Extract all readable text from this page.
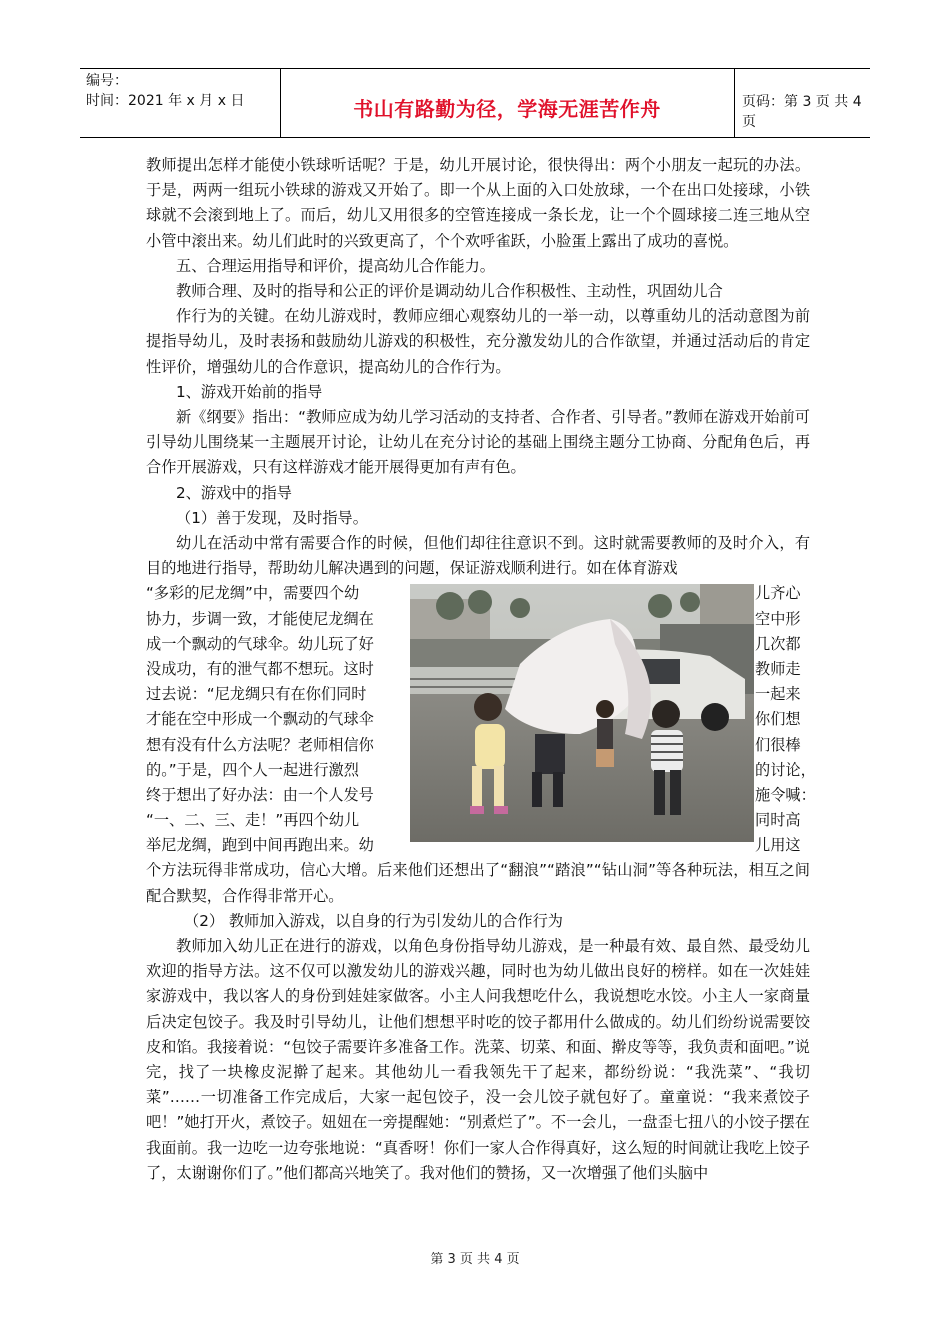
编号：
时间：2021 年 x 月 x 日	书山有路勤为径，学海无涯苦作舟	页码：第 3 页 共 4 页

教师提出怎样才能使小铁球听话呢？于是，幼儿开展讨论，很快得出：两个小朋友一起玩的办法。于是，两两一组玩小铁球的游戏又开始了。即一个从上面的入口处放球，一个在出口处接球，小铁球就不会滚到地上了。而后，幼儿又用很多的空管连接成一条长龙，让一个个圆球接二连三地从空小管中滚出来。幼儿们此时的兴致更高了，个个欢呼雀跃，小脸蛋上露出了成功的喜悦。

五、合理运用指导和评价，提高幼儿合作能力。

教师合理、及时的指导和公正的评价是调动幼儿合作积极性、主动性，巩固幼儿合

作行为的关键。在幼儿游戏时，教师应细心观察幼儿的一举一动，以尊重幼儿的活动意图为前提指导幼儿，及时表扬和鼓励幼儿游戏的积极性，充分激发幼儿的合作欲望，并通过活动后的肯定性评价，增强幼儿的合作意识，提高幼儿的合作行为。

1、游戏开始前的指导

新《纲要》指出：“教师应成为幼儿学习活动的支持者、合作者、引导者。”教师在游戏开始前可引导幼儿围绕某一主题展开讨论，让幼儿在充分讨论的基础上围绕主题分工协商、分配角色后，再合作开展游戏，只有这样游戏才能开展得更加有声有色。

2、游戏中的指导

（1）善于发现，及时指导。

幼儿在活动中常有需要合作的时候，但他们却往往意识不到。这时就需要教师的及时介入，有目的地进行指导，帮助幼儿解决遇到的问题，保证游戏顺利进行。如在体育游戏

“多彩的尼龙绸”中，需要四个幼
协力，步调一致，才能使尼龙绸在
成一个飘动的气球伞。幼儿玩了好
没成功，有的泄气都不想玩。这时
过去说：“尼龙绸只有在你们同时
才能在空中形成一个飘动的气球伞
想有没有什么方法呢？老师相信你
的。”于是，四个人一起进行激烈
终于想出了好办法：由一个人发号
“一、二、三、走！”再四个幼儿
举尼龙绸，跑到中间再跑出来。幼
儿齐心
空中形
几次都
教师走
一起来
你们想
们很棒
的讨论，
施令喊：
同时高
儿用这

个方法玩得非常成功，信心大增。后来他们还想出了“翻浪”“踏浪”“钻山洞”等各种玩法，相互之间配合默契，合作得非常开心。

（2） 教师加入游戏，以自身的行为引发幼儿的合作行为

教师加入幼儿正在进行的游戏，以角色身份指导幼儿游戏，是一种最有效、最自然、最受幼儿欢迎的指导方法。这不仅可以激发幼儿的游戏兴趣，同时也为幼儿做出良好的榜样。如在一次娃娃家游戏中，我以客人的身份到娃娃家做客。小主人问我想吃什么，我说想吃水饺。小主人一家商量后决定包饺子。我及时引导幼儿，让他们想想平时吃的饺子都用什么做成的。幼儿们纷纷说需要饺皮和馅。我接着说：“包饺子需要许多准备工作。洗菜、切菜、和面、擀皮等等，我负责和面吧。”说完，找了一块橡皮泥擀了起来。其他幼儿一看我领先干了起来，都纷纷说：“我洗菜”、“我切菜”……一切准备工作完成后，大家一起包饺子，没一会儿饺子就包好了。童童说：“我来煮饺子吧！”她打开火，煮饺子。妞妞在一旁提醒她：“别煮烂了”。不一会儿，一盘歪七扭八的小饺子摆在我面前。我一边吃一边夸张地说：“真香呀！你们一家人合作得真好，这么短的时间就让我吃上饺子了，太谢谢你们了。”他们都高兴地笑了。我对他们的赞扬，又一次增强了他们头脑中

第 3 页 共 4 页
